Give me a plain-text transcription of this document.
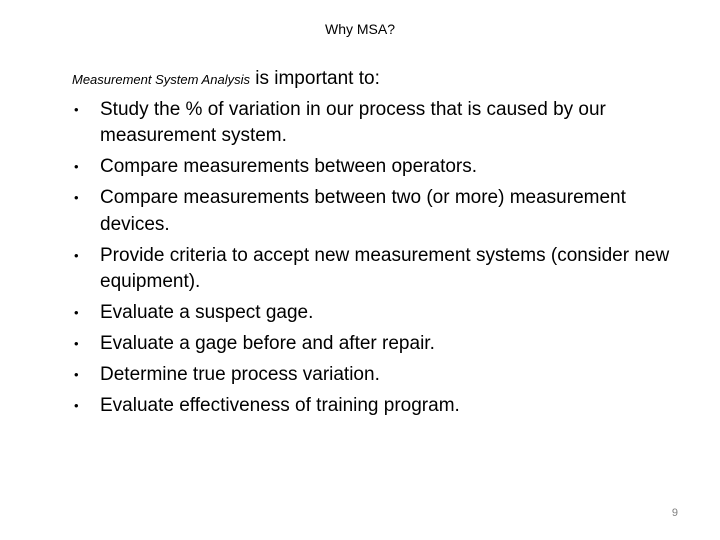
Why MSA?
Measurement System Analysis is important to:
• Study the % of variation in our process that is caused by our measurement system.
• Compare measurements between operators.
• Compare measurements between two (or more) measurement devices.
• Provide criteria to accept new measurement systems (consider new equipment).
• Evaluate a suspect gage.
• Evaluate a gage before and after repair.
• Determine true process variation.
• Evaluate effectiveness of training program.
9
